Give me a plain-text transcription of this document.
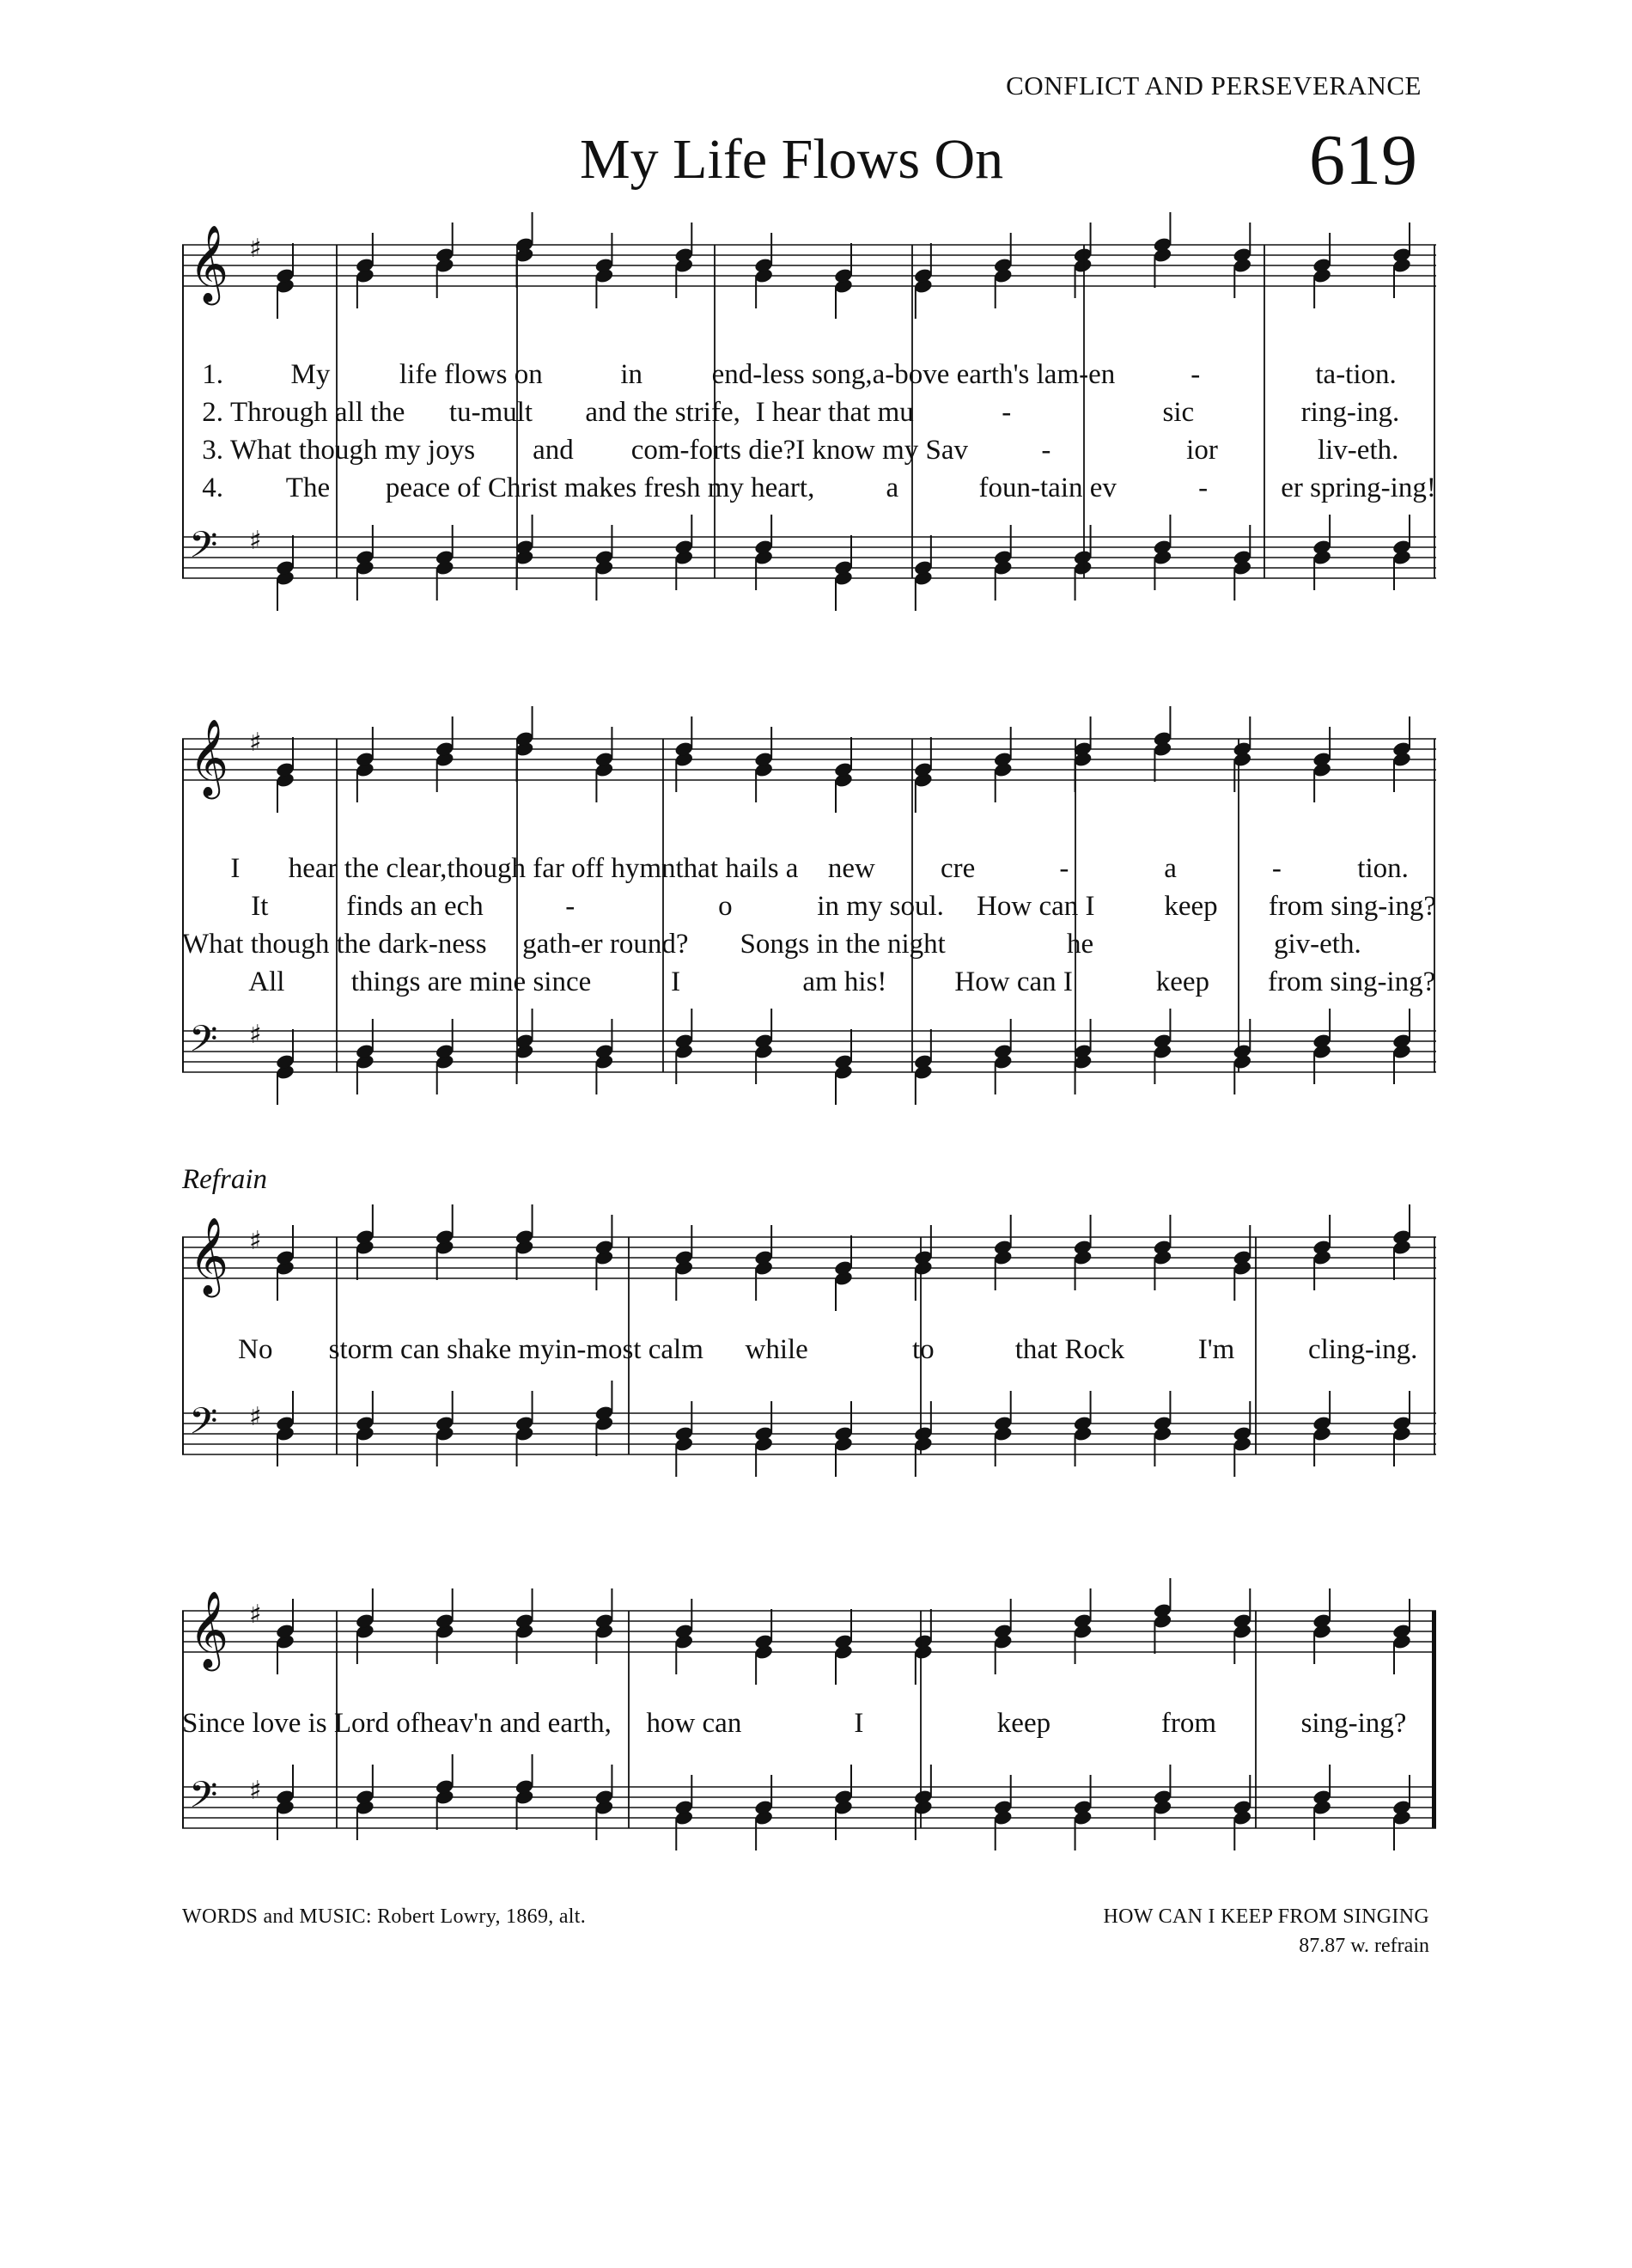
CONFLICT AND PERSEVERANCE
My Life Flows On	619
𝄞 ♯
𝄢 ♯
1.	My	life flows on	in	end-less song, a-bove earth's lam-en	-	ta-tion.
2. Through all the	tu-mult	and the strife, I hear that mu	-	sic	ring-ing.
3. What though my joys	and	com-forts die? I know my Sav	-	ior	liv-eth.
4.	The	peace of Christ makes fresh my heart,	a	foun-tain ev	-	er spring-ing!
𝄞 ♯
𝄢 ♯
I	hear the clear, though far off hymn that hails a	new	cre	-	a	-	tion.
It	finds an ech	-	o	in my soul.	How can I	keep	from sing-ing?
What though the dark-ness	gath-er round?	Songs in the night	he	giv-eth.
All	things are mine since	I	am his!	How can I	keep	from sing-ing?
Refrain
𝄞 ♯
𝄢 ♯
No	storm can shake my in-most calm	while	to	that Rock	I'm	cling-ing.
𝄞 ♯
𝄢 ♯
Since love is Lord of heav'n and earth,	how can	I	keep	from	sing-ing?
WORDS and MUSIC: Robert Lowry, 1869, alt.	HOW CAN I KEEP FROM SINGING
87.87 w. refrain
